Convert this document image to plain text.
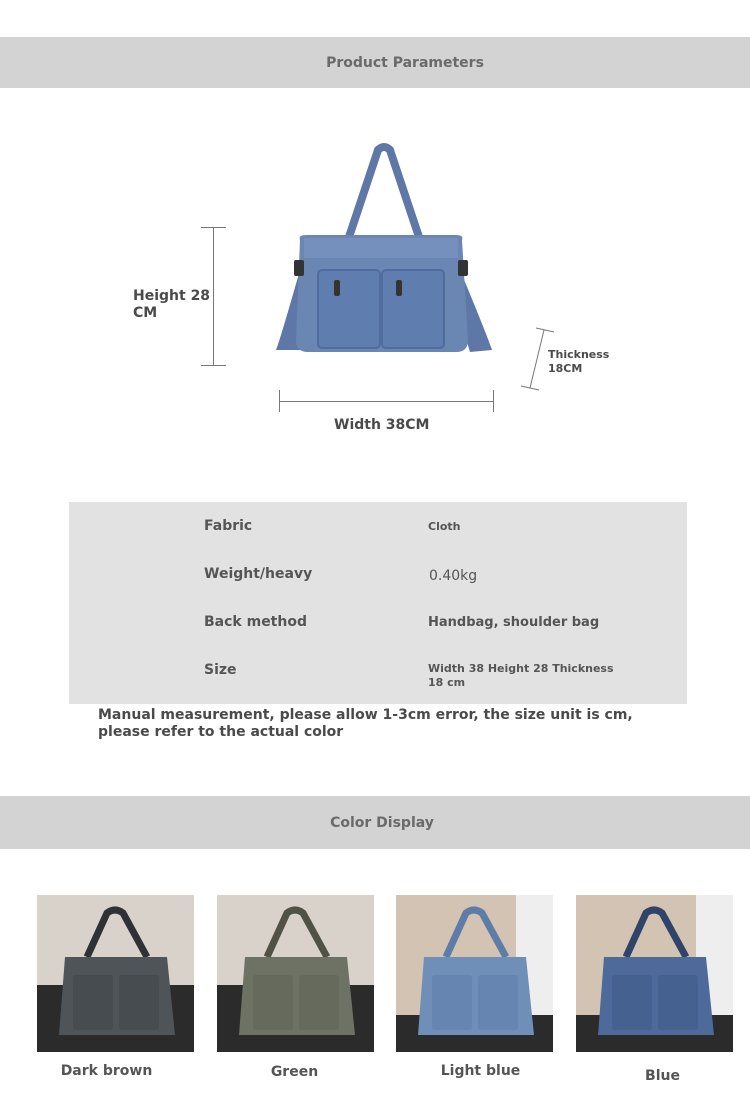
Product Parameters
Height 28 CM
Width 38CM
Thickness 18CM
Fabric	Cloth
Weight/heavy	0.40kg
Back method	Handbag, shoulder bag
Size	Width 38 Height 28 Thickness 18 cm
Manual measurement, please allow 1-3cm error, the size unit is cm, please refer to the actual color
Color Display
Dark brown	Green	Light blue	Blue
